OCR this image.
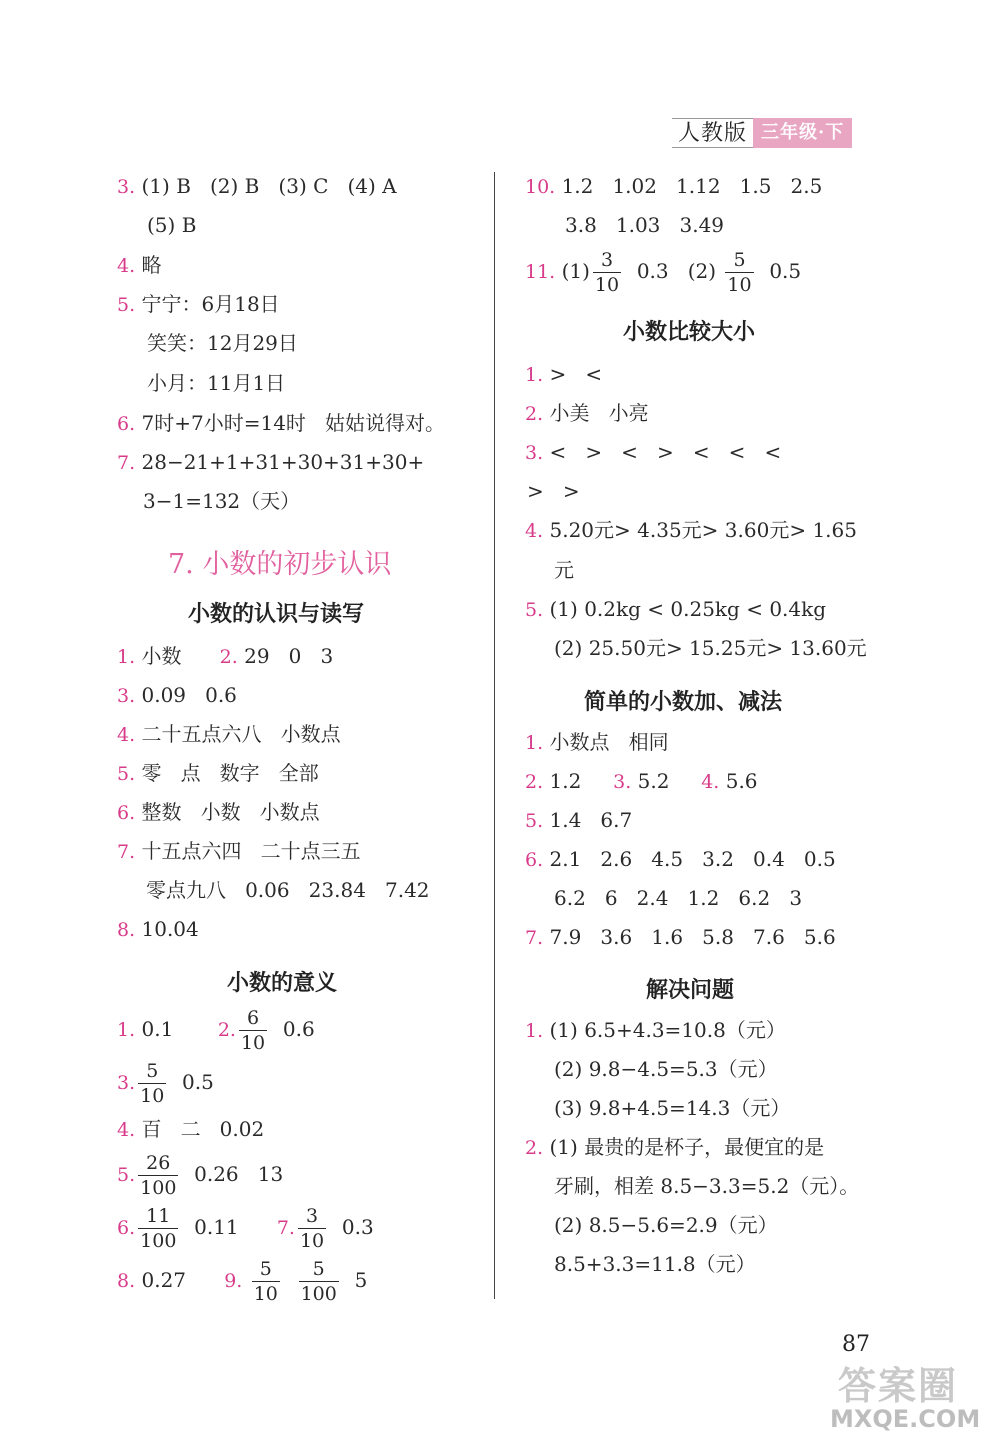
人教版 三年级·下
3. (1) B   (2) B   (3) C   (4) A
(5) B
4. 略
5. 宁宁：6月18日
笑笑：12月29日
小月：11月1日
6. 7时+7小时=14时   姑姑说得对。
7. 28−21+1+31+30+31+30+
3−1=132（天）
7. 小数的初步认识
小数的认识与读写
1. 小数 2. 29   0   3
3. 0.09   0.6
4. 二十五点六八   小数点
5. 零   点   数字   全部
6. 整数   小数   小数点
7. 十五点六四   二十点三五
零点九八   0.06   23.84   7.42
8. 10.04
小数的意义
1. 0.1 2. $\frac{6}{10} 0.6$
3. $\frac{5}{10} 0.5$
4. 百   二   0.02
5. $\frac{26}{100} 0.26$   13
6. $\frac{11}{100} 0.11$ 7. $\frac{3}{10} 0.3$
8. 0.27 9. $\frac{5}{10}$
$\frac{5}{100} 5$
10. 1.2   1.02   1.12   1.5   2.5
3.8   1.03   3.49
11. $(1) \frac{3}{10} 0.3$ $(2) \frac{5}{10} 0.5$
小数比较大小
1. >   <
2. 小美   小亮
3. <   >   <   >   <   <   <
>   >
4. 5.20元> 4.35元> 3.60元> 1.65
元
5. (1) 0.2kg < 0.25kg < 0.4kg
(2) 25.50元> 15.25元> 13.60元
简单的小数加、减法
1. 小数点   相同
2. 1.2 3. 5.2 4. 5.6
5. 1.4   6.7
6. 2.1   2.6   4.5   3.2   0.4   0.5
6.2   6   2.4   1.2   6.2   3
7. 7.9   3.6   1.6   5.8   7.6   5.6
解决问题
1. (1) 6.5+4.3=10.8（元）
(2) 9.8−4.5=5.3（元）
(3) 9.8+4.5=14.3（元）
2. (1) 最贵的是杯子，最便宜的是
牙刷，相差 8.5−3.3=5.2（元）。
(2) 8.5−5.6=2.9（元）
8.5+3.3=11.8（元）
87
答案圈
MXQE.COM
